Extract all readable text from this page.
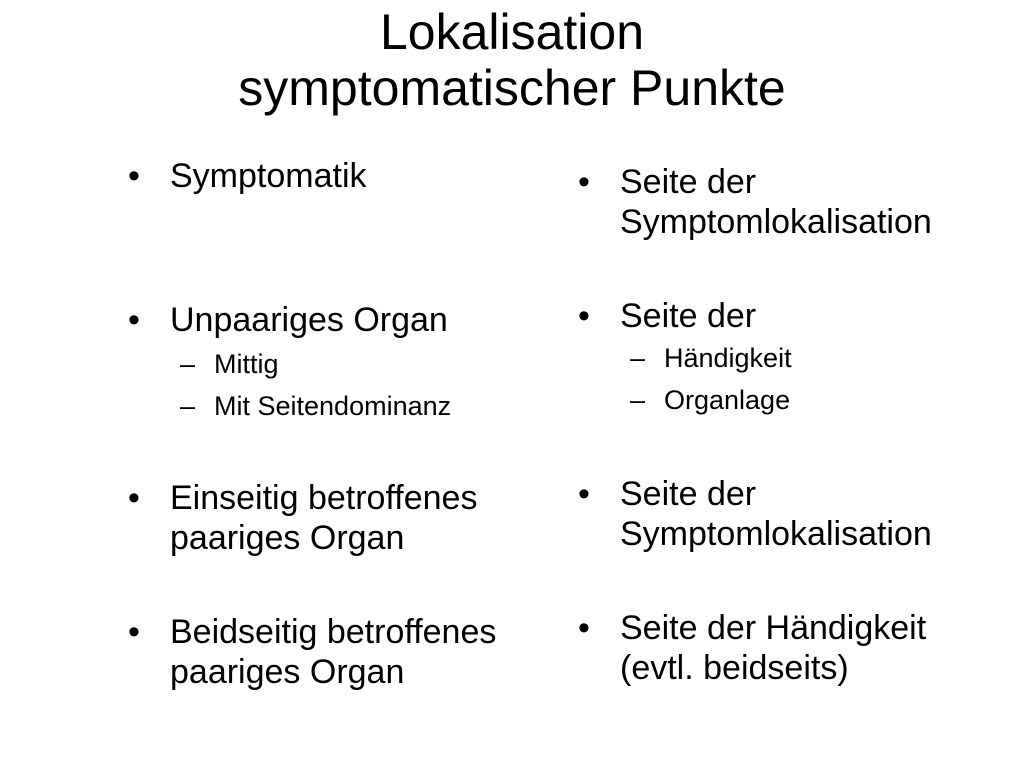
Lokalisation
symptomatischer Punkte
• Symptomatik
• Unpaariges Organ
– Mittig
– Mit Seitendominanz
• Einseitig betroffenes
paariges Organ
• Beidseitig betroffenes
paariges Organ
• Seite der
Symptomlokalisation
• Seite der
– Händigkeit
– Organlage
• Seite der
Symptomlokalisation
• Seite der Händigkeit
(evtl. beidseits)
